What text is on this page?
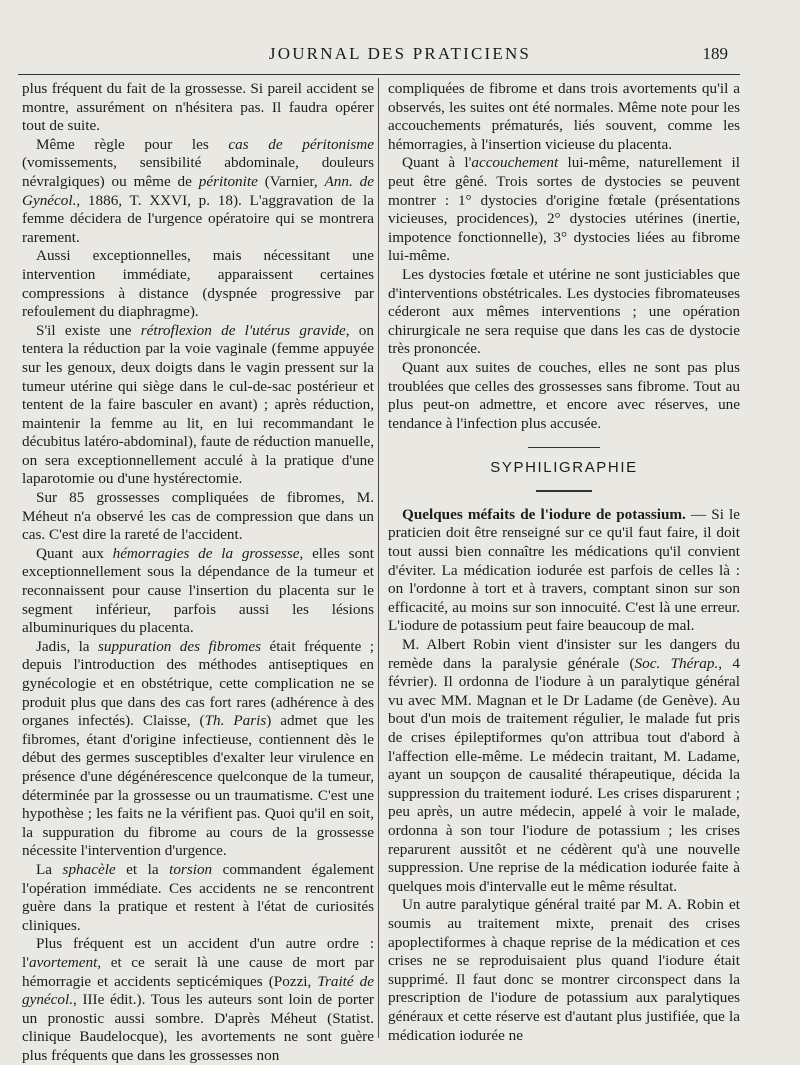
JOURNAL DES PRATICIENS	189

plus fréquent du fait de la grossesse. Si pareil accident se montre, assurément on n'hésitera pas. Il faudra opérer tout de suite.

Même règle pour les cas de péritonisme (vomissements, sensibilité abdominale, douleurs névralgiques) ou même de péritonite (Varnier, Ann. de Gynécol., 1886, T. XXVI, p. 18). L'aggravation de la femme décidera de l'urgence opératoire qui se montrera rarement.

Aussi exceptionnelles, mais nécessitant une intervention immédiate, apparaissent certaines compressions à distance (dyspnée progressive par refoulement du diaphragme).

S'il existe une rétroflexion de l'utérus gravide, on tentera la réduction par la voie vaginale (femme appuyée sur les genoux, deux doigts dans le vagin pressent sur la tumeur utérine qui siège dans le cul-de-sac postérieur et tentent de la faire basculer en avant) ; après réduction, maintenir la femme au lit, en lui recommandant le décubitus latéro-abdominal), faute de réduction manuelle, on sera exceptionnellement acculé à la pratique d'une laparotomie ou d'une hystérectomie.

Sur 85 grossesses compliquées de fibromes, M. Méheut n'a observé les cas de compression que dans un cas. C'est dire la rareté de l'accident.

Quant aux hémorragies de la grossesse, elles sont exceptionnellement sous la dépendance de la tumeur et reconnaissent pour cause l'insertion du placenta sur le segment inférieur, parfois aussi les lésions albuminuriques du placenta.

Jadis, la suppuration des fibromes était fréquente ; depuis l'introduction des méthodes antiseptiques en gynécologie et en obstétrique, cette complication ne se produit plus que dans des cas fort rares (adhérence à des organes infectés). Claisse, (Th. Paris) admet que les fibromes, étant d'origine infectieuse, contiennent dès le début des germes susceptibles d'exalter leur virulence en présence d'une dégénérescence quelconque de la tumeur, déterminée par la grossesse ou un traumatisme. C'est une hypothèse ; les faits ne la vérifient pas. Quoi qu'il en soit, la suppuration du fibrome au cours de la grossesse nécessite l'intervention d'urgence.

La sphacèle et la torsion commandent également l'opération immédiate. Ces accidents ne se rencontrent guère dans la pratique et restent à l'état de curiosités cliniques.

Plus fréquent est un accident d'un autre ordre : l'avortement, et ce serait là une cause de mort par hémorragie et accidents septicémiques (Pozzi, Traité de gynécol., IIIe édit.). Tous les auteurs sont loin de porter un pronostic aussi sombre. D'après Méheut (Statist. clinique Baudelocque), les avortements ne sont guère plus fréquents que dans les grossesses non

compliquées de fibrome et dans trois avortements qu'il a observés, les suites ont été normales. Même note pour les accouchements prématurés, liés souvent, comme les hémorragies, à l'insertion vicieuse du placenta.

Quant à l'accouchement lui-même, naturellement il peut être gêné. Trois sortes de dystocies se peuvent montrer : 1° dystocies d'origine fœtale (présentations vicieuses, procidences), 2° dystocies utérines (inertie, impotence fonctionnelle), 3° dystocies liées au fibrome lui-même.

Les dystocies fœtale et utérine ne sont justiciables que d'interventions obstétricales. Les dystocies fibromateuses céderont aux mêmes interventions ; une opération chirurgicale ne sera requise que dans les cas de dystocie très prononcée.

Quant aux suites de couches, elles ne sont pas plus troublées que celles des grossesses sans fibrome. Tout au plus peut-on admettre, et encore avec réserves, une tendance à l'infection plus accusée.

SYPHILIGRAPHIE

Quelques méfaits de l'iodure de potassium. — Si le praticien doit être renseigné sur ce qu'il faut faire, il doit tout aussi bien connaître les médications qu'il convient d'éviter. La médication iodurée est parfois de celles là : on l'ordonne à tort et à travers, comptant sinon sur son efficacité, au moins sur son innocuité. C'est là une erreur. L'iodure de potassium peut faire beaucoup de mal.

M. Albert Robin vient d'insister sur les dangers du remède dans la paralysie générale (Soc. Thérap., 4 février). Il ordonna de l'iodure à un paralytique général vu avec MM. Magnan et le Dr Ladame (de Genève). Au bout d'un mois de traitement régulier, le malade fut pris de crises épileptiformes qu'on attribua tout d'abord à l'affection elle-même. Le médecin traitant, M. Ladame, ayant un soupçon de causalité thérapeutique, décida la suppression du traitement ioduré. Les crises disparurent ; peu après, un autre médecin, appelé à voir le malade, ordonna à son tour l'iodure de potassium ; les crises reparurent aussitôt et ne cédèrent qu'à une nouvelle suppression. Une reprise de la médication iodurée faite à quelques mois d'intervalle eut le même résultat.

Un autre paralytique général traité par M. A. Robin et soumis au traitement mixte, prenait des crises apoplectiformes à chaque reprise de la médication et ces crises ne se reproduisaient plus quand l'iodure était supprimé. Il faut donc se montrer circonspect dans la prescription de l'iodure de potassium aux paralytiques généraux et cette réserve est d'autant plus justifiée, que la médication iodurée ne
